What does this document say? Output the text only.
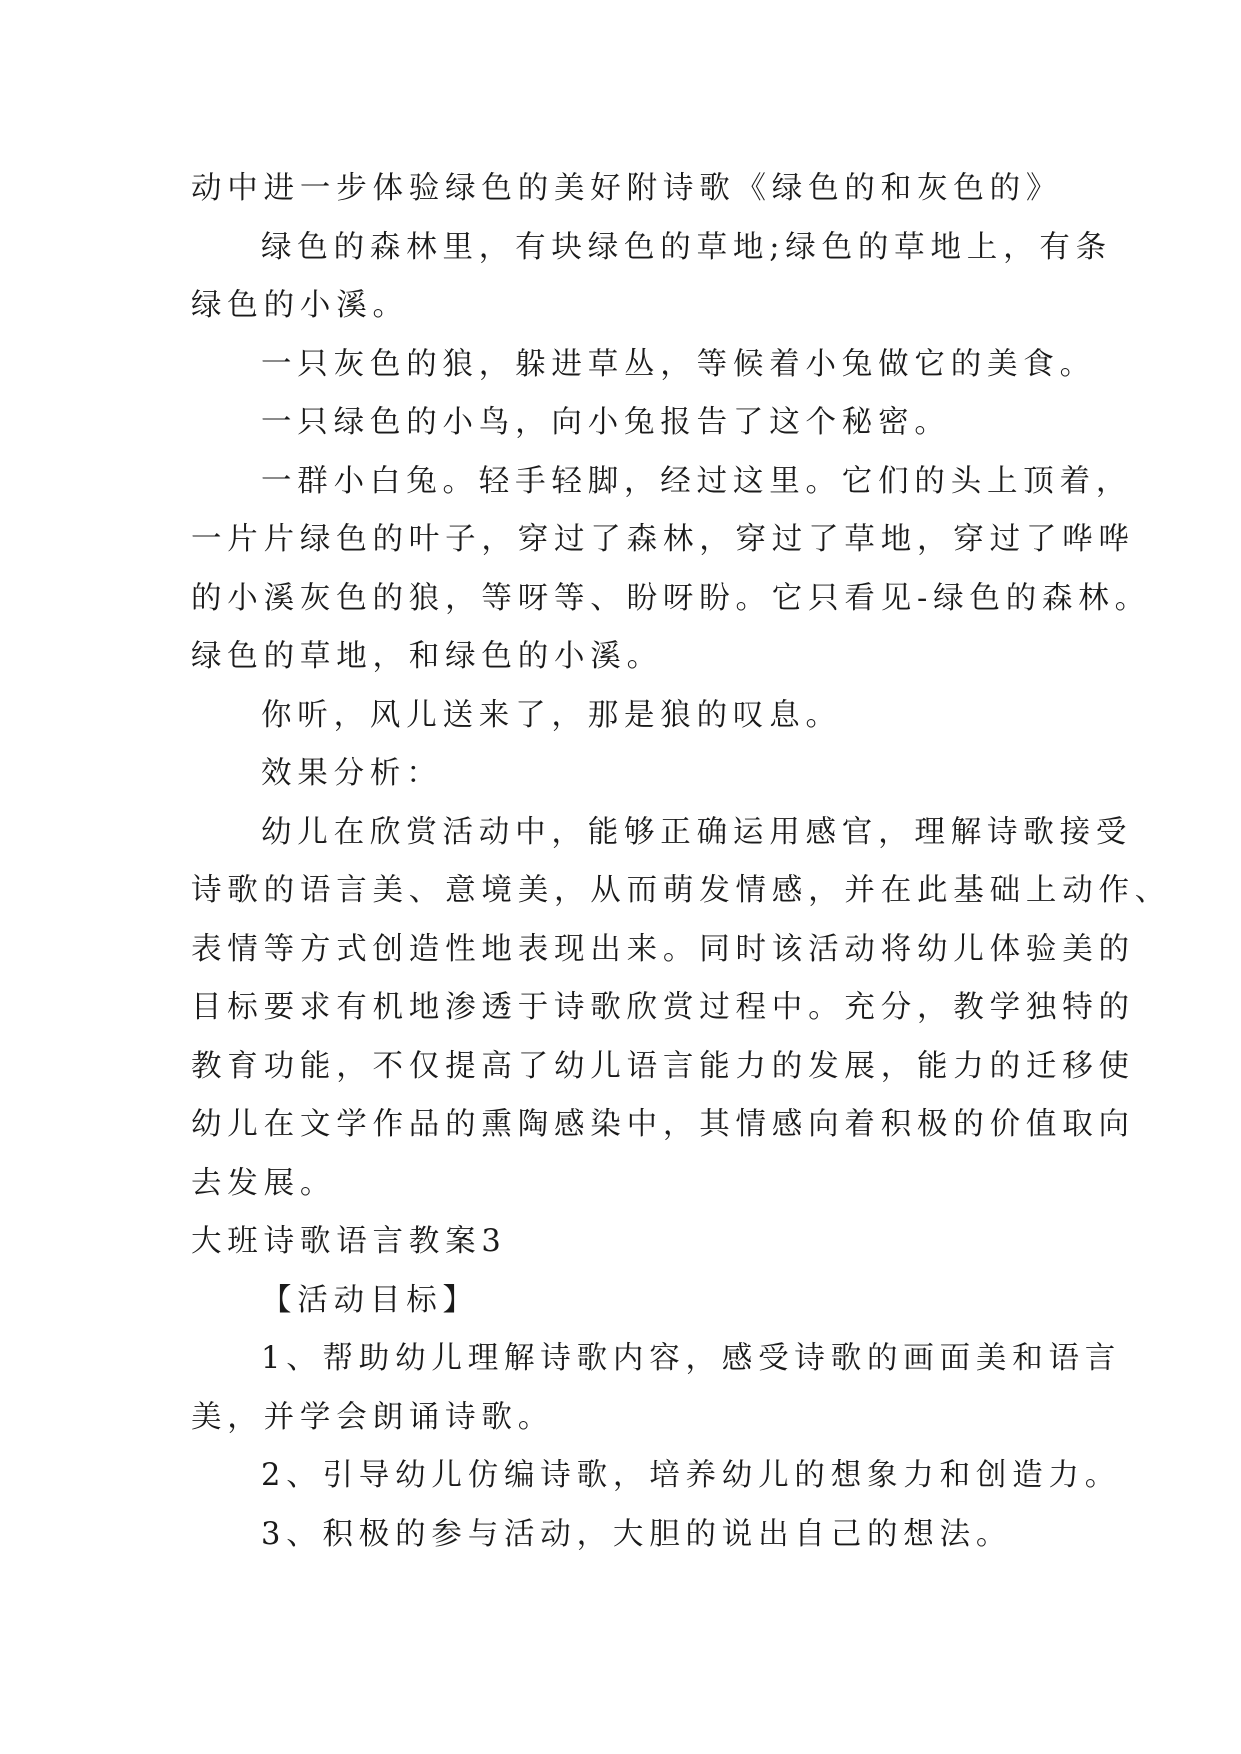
动中进一步体验绿色的美好附诗歌《绿色的和灰色的》
绿色的森林里，有块绿色的草地;绿色的草地上，有条
绿色的小溪。
一只灰色的狼，躲进草丛，等候着小兔做它的美食。
一只绿色的小鸟，向小兔报告了这个秘密。
一群小白兔。轻手轻脚，经过这里。它们的头上顶着，
一片片绿色的叶子，穿过了森林，穿过了草地，穿过了哗哗
的小溪灰色的狼，等呀等、盼呀盼。它只看见-绿色的森林。
绿色的草地，和绿色的小溪。
你听，风儿送来了，那是狼的叹息。
效果分析：
幼儿在欣赏活动中，能够正确运用感官，理解诗歌接受
诗歌的语言美、意境美，从而萌发情感，并在此基础上动作、
表情等方式创造性地表现出来。同时该活动将幼儿体验美的
目标要求有机地渗透于诗歌欣赏过程中。充分，教学独特的
教育功能，不仅提高了幼儿语言能力的发展，能力的迁移使
幼儿在文学作品的熏陶感染中，其情感向着积极的价值取向
去发展。
大班诗歌语言教案3
【活动目标】
1、帮助幼儿理解诗歌内容，感受诗歌的画面美和语言
美，并学会朗诵诗歌。
2、引导幼儿仿编诗歌，培养幼儿的想象力和创造力。
3、积极的参与活动，大胆的说出自己的想法。
